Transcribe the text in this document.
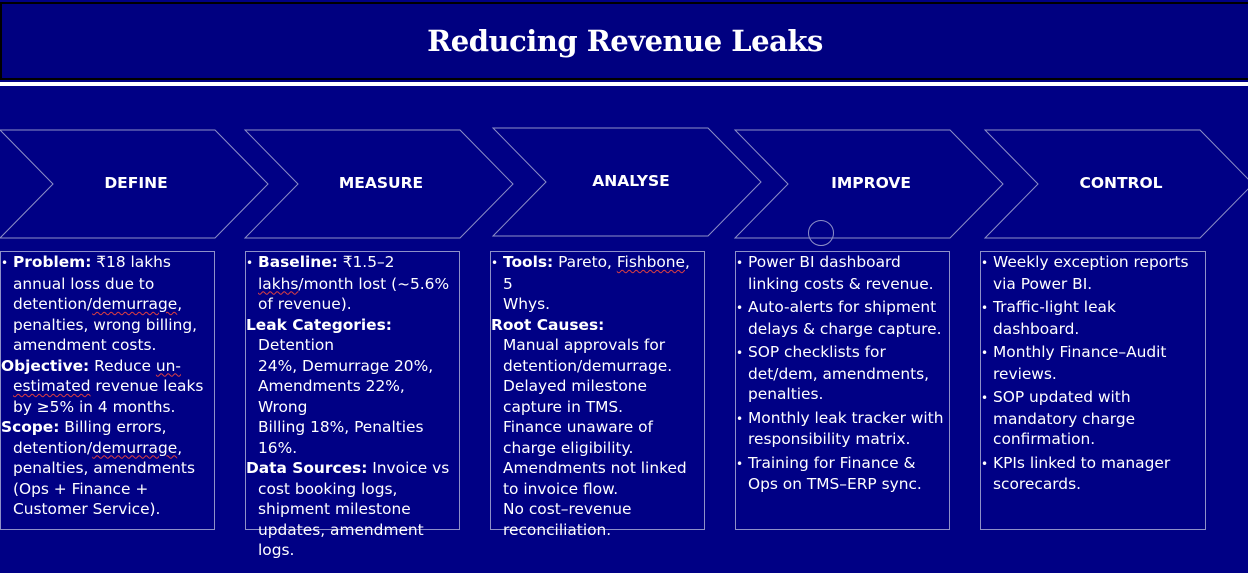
Reducing Revenue Leaks
DEFINE	MEASURE	ANALYSE	IMPROVE	CONTROL
• Problem: ₹18 lakhs
annual loss due to
detention/demurrage,
penalties, wrong billing,
amendment costs.
Objective: Reduce un-
estimated revenue leaks
by ≥5% in 4 months.
Scope: Billing errors,
detention/demurrage,
penalties, amendments
(Ops + Finance +
Customer Service).
• Baseline: ₹1.5–2
lakhs/month lost (~5.6%
of revenue).
Leak Categories: Detention
24%, Demurrage 20%,
Amendments 22%, Wrong
Billing 18%, Penalties
16%.
Data Sources: Invoice vs
cost booking logs,
shipment milestone
updates, amendment
logs.
• Tools: Pareto, Fishbone, 5
Whys.
Root Causes:
Manual approvals for
detention/demurrage.
Delayed milestone
capture in TMS.
Finance unaware of
charge eligibility.
Amendments not linked
to invoice flow.
No cost–revenue
reconciliation.
• Power BI dashboard
linking costs & revenue.
• Auto-alerts for shipment
delays & charge capture.
• SOP checklists for
det/dem, amendments,
penalties.
• Monthly leak tracker with
responsibility matrix.
• Training for Finance &
Ops on TMS–ERP sync.
• Weekly exception reports
via Power BI.
• Traffic-light leak dashboard.
• Monthly Finance–Audit
reviews.
• SOP updated with
mandatory charge
confirmation.
• KPIs linked to manager
scorecards.
